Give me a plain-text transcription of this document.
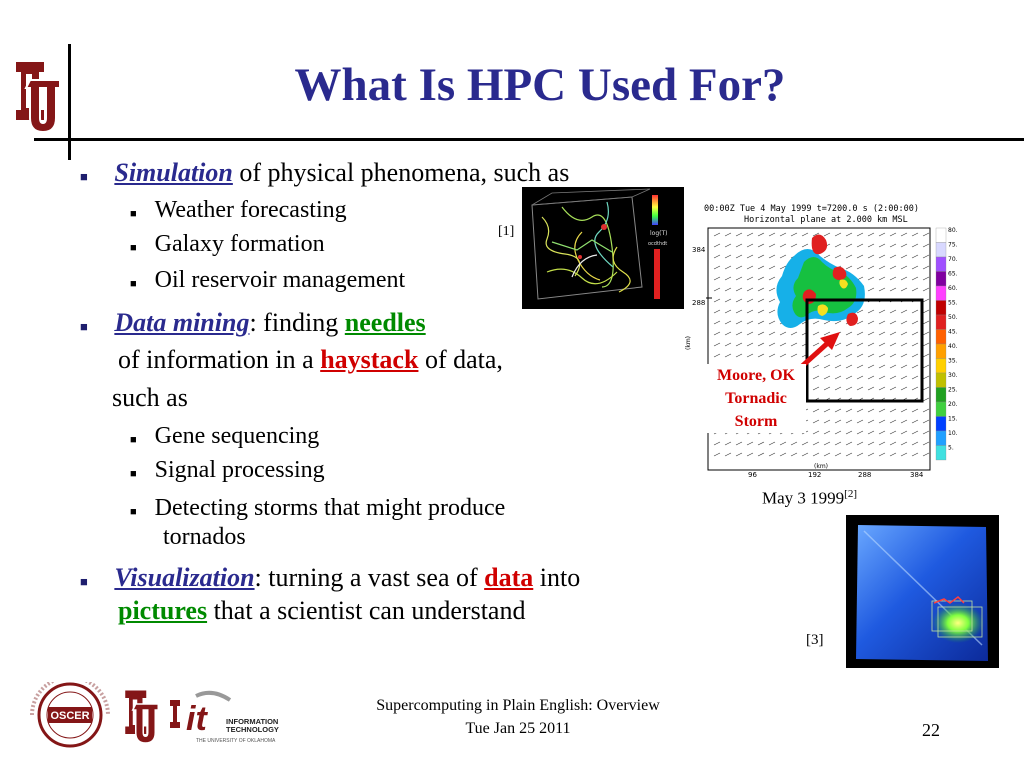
What Is HPC Used For?
■ Simulation of physical phenomena, such as
■ Weather forecasting
■ Galaxy formation
■ Oil reservoir management
■ Data mining: finding needles
of information in a haystack of data,
such as
■ Gene sequencing
■ Signal processing
■ Detecting storms that might produce
tornados
■ Visualization: turning a vast sea of data into
pictures that a scientist can understand
[1]	log(T)
ocdthdt
00:00Z Tue 4 May 1999 t=7200.0 s (2:00:00)
Horizontal plane at 2.000 km MSL
80.
75.
70.
65.
60.
55.
50.
45.
40.
35.
30.
25.
20.
15.
10.
5.
384
288
(km)
96	192	288	384
(km)
Moore, OK
Tornadic
Storm
May 3 1999[2]
[3]
OSCER	it	INFORMATION
TECHNOLOGY
THE UNIVERSITY OF OKLAHOMA
Supercomputing in Plain English: Overview
Tue Jan 25 2011	22
